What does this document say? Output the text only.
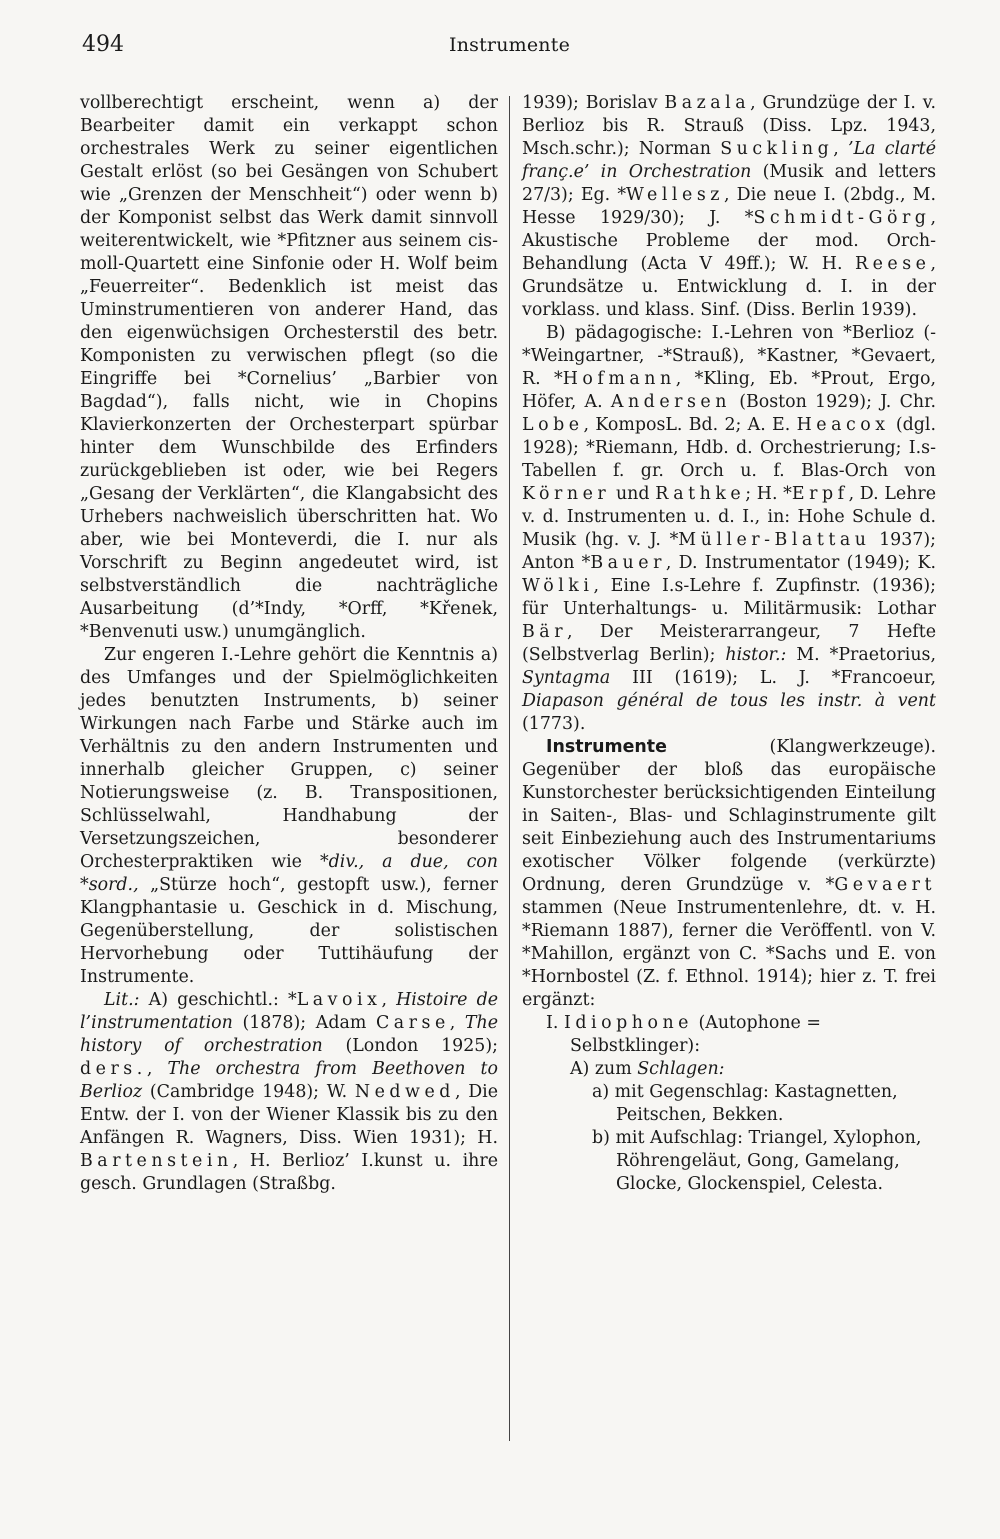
494	Instrumente

vollberechtigt erscheint, wenn a) der Bearbeiter damit ein verkappt schon orchestrales Werk zu seiner eigentlichen Gestalt erlöst (so bei Gesängen von Schubert wie „Grenzen der Menschheit“) oder wenn b) der Komponist selbst das Werk damit sinnvoll weiterentwickelt, wie *Pfitzner aus seinem cis-moll-Quartett eine Sinfonie oder H. Wolf beim „Feuerreiter“. Bedenklich ist meist das Uminstrumentieren von anderer Hand, das den eigenwüchsigen Orchesterstil des betr. Komponisten zu verwischen pflegt (so die Eingriffe bei *Cornelius’ „Barbier von Bagdad“), falls nicht, wie in Chopins Klavierkonzerten der Orchesterpart spürbar hinter dem Wunschbilde des Erfinders zurückgeblieben ist oder, wie bei Regers „Gesang der Verklärten“, die Klangabsicht des Urhebers nachweislich überschritten hat. Wo aber, wie bei Monteverdi, die I. nur als Vorschrift zu Beginn angedeutet wird, ist selbstverständlich die nachträgliche Ausarbeitung (d’*Indy, *Orff, *Křenek, *Benvenuti usw.) unumgänglich.

Zur engeren I.-Lehre gehört die Kenntnis a) des Umfanges und der Spielmöglichkeiten jedes benutzten Instruments, b) seiner Wirkungen nach Farbe und Stärke auch im Verhältnis zu den andern Instrumenten und innerhalb gleicher Gruppen, c) seiner Notierungsweise (z. B. Transpositionen, Schlüsselwahl, Handhabung der Versetzungszeichen, besonderer Orchesterpraktiken wie *div., a due, con *sord., „Stürze hoch“, gestopft usw.), ferner Klangphantasie u. Geschick in d. Mischung, Gegenüberstellung, der solistischen Hervorhebung oder Tuttihäufung der Instrumente.

Lit.: A) geschichtl.: *Lavoix, Histoire de l’instrumentation (1878); Adam Carse, The history of orchestration (London 1925); ders., The orchestra from Beethoven to Berlioz (Cambridge 1948); W. Nedwed, Die Entw. der I. von der Wiener Klassik bis zu den Anfängen R. Wagners, Diss. Wien 1931); H. Bartenstein, H. Berlioz’ I.kunst u. ihre gesch. Grundlagen (Straßbg.

1939); Borislav Bazala, Grundzüge der I. v. Berlioz bis R. Strauß (Diss. Lpz. 1943, Msch.schr.); Norman Suckling, ’La clarté franç.e’ in Orchestration (Musik and letters 27/3); Eg. *Wellesz, Die neue I. (2bdg., M. Hesse 1929/30); J. *Schmidt-Görg, Akustische Probleme der mod. Orch-Behandlung (Acta V 49ff.); W. H. Reese, Grundsätze u. Entwicklung d. I. in der vorklass. und klass. Sinf. (Diss. Berlin 1939).

B) pädagogische: I.-Lehren von *Berlioz (-*Weingartner, -*Strauß), *Kastner, *Gevaert, R. *Hofmann, *Kling, Eb. *Prout, Ergo, Höfer, A. Andersen (Boston 1929); J. Chr. Lobe, KomposL. Bd. 2; A. E. Heacox (dgl. 1928); *Riemann, Hdb. d. Orchestrierung; I.s-Tabellen f. gr. Orch u. f. Blas-Orch von Körner und Rathke; H. *Erpf, D. Lehre v. d. Instrumenten u. d. I., in: Hohe Schule d. Musik (hg. v. J. *Müller-Blattau 1937); Anton *Bauer, D. Instrumentator (1949); K. Wölki, Eine I.s-Lehre f. Zupfinstr. (1936); für Unterhaltungs- u. Militärmusik: Lothar Bär, Der Meisterarrangeur, 7 Hefte (Selbstverlag Berlin); histor.: M. *Praetorius, Syntagma III (1619); L. J. *Francoeur, Diapason général de tous les instr. à vent (1773).

Instrumente (Klangwerkzeuge). Gegenüber der bloß das europäische Kunstorchester berücksichtigenden Einteilung in Saiten-, Blas- und Schlaginstrumente gilt seit Einbeziehung auch des Instrumentariums exotischer Völker folgende (verkürzte) Ordnung, deren Grundzüge v. *Gevaert stammen (Neue Instrumentenlehre, dt. v. H. *Riemann 1887), ferner die Veröffentl. von V. *Mahillon, ergänzt von C. *Sachs und E. von *Hornbostel (Z. f. Ethnol. 1914); hier z. T. frei ergänzt:

I. Idiophone (Autophone = Selbstklinger):

A) zum Schlagen:

a) mit Gegenschlag: Kastagnetten, Peitschen, Bekken.

b) mit Aufschlag: Triangel, Xylophon, Röhrengeläut, Gong, Gamelang, Glocke, Glockenspiel, Celesta.
